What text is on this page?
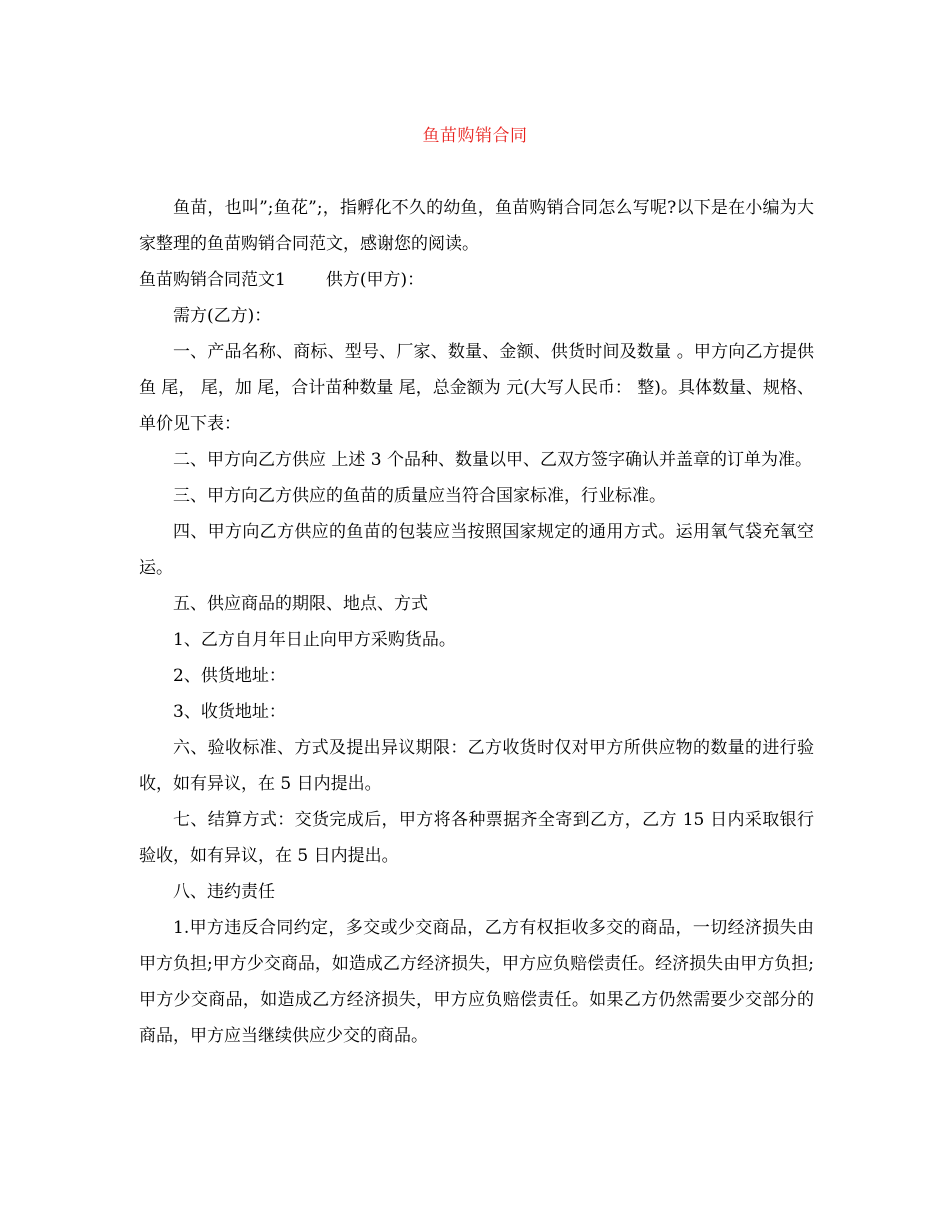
鱼苗购销合同

鱼苗，也叫”;鱼花”;，指孵化不久的幼鱼，鱼苗购销合同怎么写呢?以下是在小编为大家整理的鱼苗购销合同范文，感谢您的阅读。

鱼苗购销合同范文1 供方(甲方)：

需方(乙方)：

一、产品名称、商标、型号、厂家、数量、金额、供货时间及数量 。甲方向乙方提供 鱼 尾， 尾，加 尾，合计苗种数量 尾，总金额为 元(大写人民币： 整)。具体数量、规格、单价见下表：

二、甲方向乙方供应 上述 3 个品种、数量以甲、乙双方签字确认并盖章的订单为准。

三、甲方向乙方供应的鱼苗的质量应当符合国家标准，行业标准。

四、甲方向乙方供应的鱼苗的包装应当按照国家规定的通用方式。运用氧气袋充氧空运。

五、供应商品的期限、地点、方式

1、乙方自月年日止向甲方采购货品。

2、供货地址：

3、收货地址：

六、验收标准、方式及提出异议期限：乙方收货时仅对甲方所供应物的数量的进行验收，如有异议，在 5 日内提出。

七、结算方式：交货完成后，甲方将各种票据齐全寄到乙方，乙方 15 日内采取银行验收，如有异议，在 5 日内提出。

八、违约责任

1.甲方违反合同约定，多交或少交商品，乙方有权拒收多交的商品，一切经济损失由甲方负担;甲方少交商品，如造成乙方经济损失，甲方应负赔偿责任。经济损失由甲方负担;甲方少交商品，如造成乙方经济损失，甲方应负赔偿责任。如果乙方仍然需要少交部分的商品，甲方应当继续供应少交的商品。
